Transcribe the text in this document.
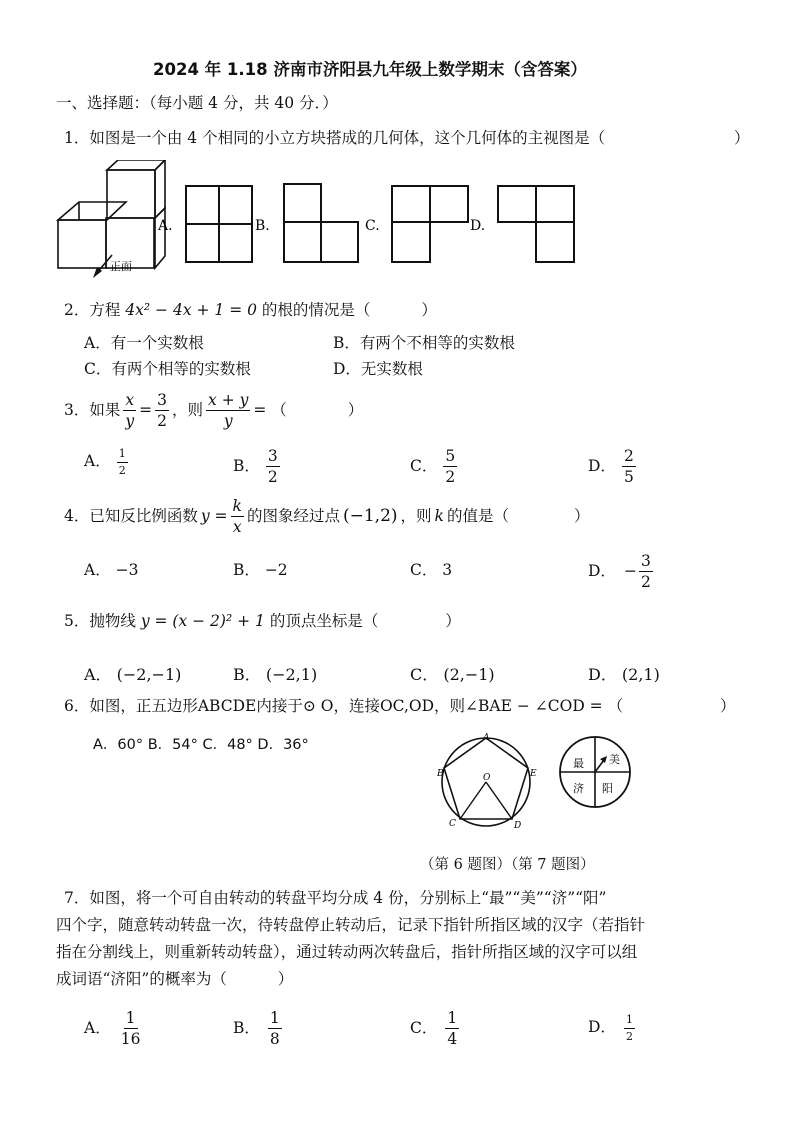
2024 年 1.18 济南市济阳县九年级上数学期末（含答案）
一、选择题：（每小题 4 分，共 40 分．）
1．如图是一个由 4 个相同的小立方块搭成的几何体，这个几何体的主视图是（	）
正面
A.	B.	C.	D.
2．方程 4x² − 4x + 1 = 0 的根的情况是（	）
A．有一个实数根	B．有两个不相等的实数根
C．有两个相等的实数根	D．无实数根
3．如果 $\frac{x}{y} = \frac{3}{2}$ ，则 $\frac{x + y}{y}$ = （	）
A． $\frac{1}{2}$	B． $\frac{3}{2}$	C． $\frac{5}{2}$	D． $\frac{2}{5}$
4．已知反比例函数 $y = \frac{k}{x}$ 的图象经过点 (−1,2) ，则 k 的值是（	）
A． −3	B． −2	C． 3	D． − $\frac{3}{2}$
5．抛物线 y = (x − 2)² + 1 的顶点坐标是（	）
A． (−2,−1)	B． (−2,1)	C． (2,−1)	D． (2,1)
6．如图，正五边形ABCDE内接于⊙ O，连接OC,OD，则∠BAE − ∠COD = （	）
A．60° B．54° C．48° D．36°	A
B
C	D
E
O
最 美
济 阳
（第 6 题图）（第 7 题图）
7．如图，将一个可自由转动的转盘平均分成 4 份，分别标上“最”“美”“济”“阳”
四个字，随意转动转盘一次，待转盘停止转动后，记录下指针所指区域的汉字（若指针
指在分割线上，则重新转动转盘），通过转动两次转盘后，指针所指区域的汉字可以组
成词语“济阳”的概率为（	）
A． $\frac{1}{16}$	B． $\frac{1}{8}$	C． $\frac{1}{4}$	D． $\frac{1}{2}$
